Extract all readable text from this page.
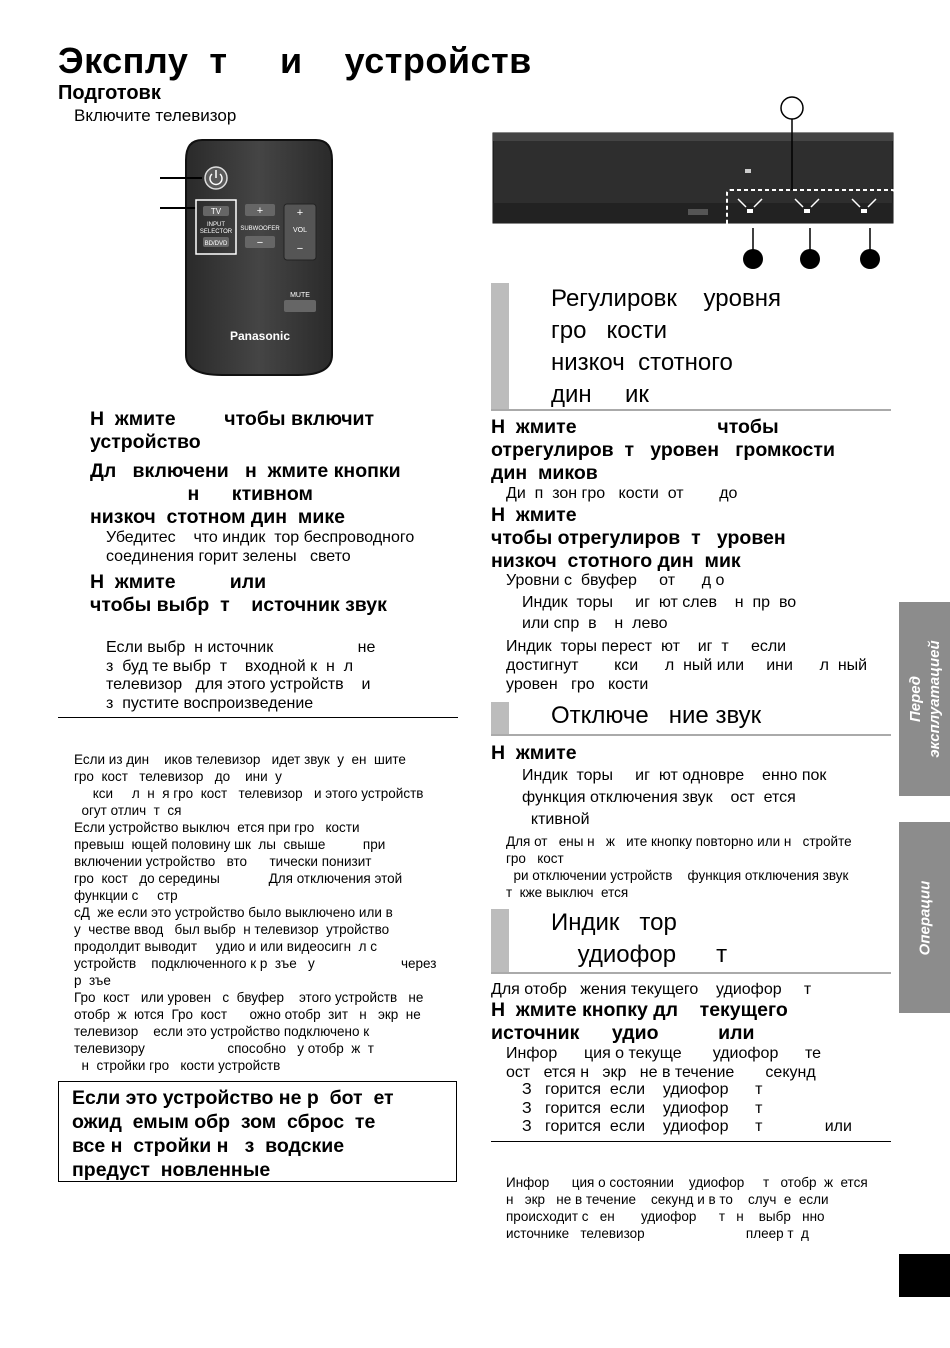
Эксплу  т     и    устройств
Подготовк
Включите телевизор
TV
INPUT
SELECTOR
BD/DVD
+
SUBWOOFER
−
+
VOL
−
MUTE
Panasonic
Н  жмите         чтобы включит
устройство
Дл   включени   н  жмите кнопки
н      ктивном
низкоч  стотном дин  мике
Убедитес    что индик  тор беспроводного
соединения горит зелены   свето
Н  жмите          или
чтобы выбр  т    источник звук
Если выбр  н источник                   не
з  буд те выбр  т    входной к  н  л
телевизор   для этого устройств    и
з  пустите воспроизведение
Если из дин    иков телевизор   идет звук  у  ен  шите
гро  кост   телевизор   до    ини  у
кси     л  н  я гро  кост   телевизор   и этого устройств
огут отлич  т  ся
Если устройство выключ  ется при гро   кости
превыш  ющей половину шк  лы  свыше          при
включении устройство   вто      тически понизит
гро  кост   до середины             Для отключения этой
функции с     стр
сД  же если это устройство было выключено или в
у  честве ввод   был выбр  н телевизор  утройство
продолдит выводит     удио и или видеосигн  л с
устройств    подключенного к р  зъе   у                       через
р  зъе
Гро  кост   или уровен   с  бвуфер    этого устройств   не
отобр  ж  ются  Гро  кост      ожно отобр  зит   н   экр  не
телевизор    если это устройство подключено к
телевизору                      способно   у отобр  ж  т
н  стройки гро   кости устройств
Если это устройство не р  бот  ет
ожид  емым обр  зом  сброс  те
все н  стройки н   з  водские
предуст  новленные
Регулировк    уровня
гро   кости
низкоч  стотного
дин     ик
Н  жмите                          чтобы
отрегулиров  т   уровен   громкости
дин  миков
Ди  п  зон гро   кости  от        до
Н  жмите
чтобы отрегулиров  т   уровен
низкоч  стотного дин  мик
Уровни с  бвуфер     от      д о
Индик  торы     иг  ют слев    н  пр  во
или спр  в    н  лево
Индик  торы перест  ют    иг  т     если
достигнут        кси      л  ный или     ини      л  ный
уровен   гро   кости
Отключе   ние звук
Н  жмите
Индик  торы     иг  ют одновре    енно пок
функция отключения звук    ост  ется
ктивной
Для от   ены н   ж   ите кнопку повторно или н   стройте
гро   кост
ри отключении устройств    функция отключения звук
т  кже выключ  ется
Индик   тор
удиофор      т
Для отобр   жения текущего    удиофор     т
Н  жмите кнопку дл    текущего
источник      удио           или
Инфор      ция о текуще       удиофор      те
ост   ется н   экр   не в течение       секунд
З   горится  если    удиофор      т
З   горится  если    удиофор      т
З   горится  если    удиофор      т              или
Инфор      ция о состоянии    удиофор     т   отобр  ж  ется
н   экр   не в течение    секунд и в то    случ  е  если
происходит с   ен       удиофор      т   н    выбр   нно
источнике   телевизор                           плеер т  д
Перед
эксплуатацией
Операции
